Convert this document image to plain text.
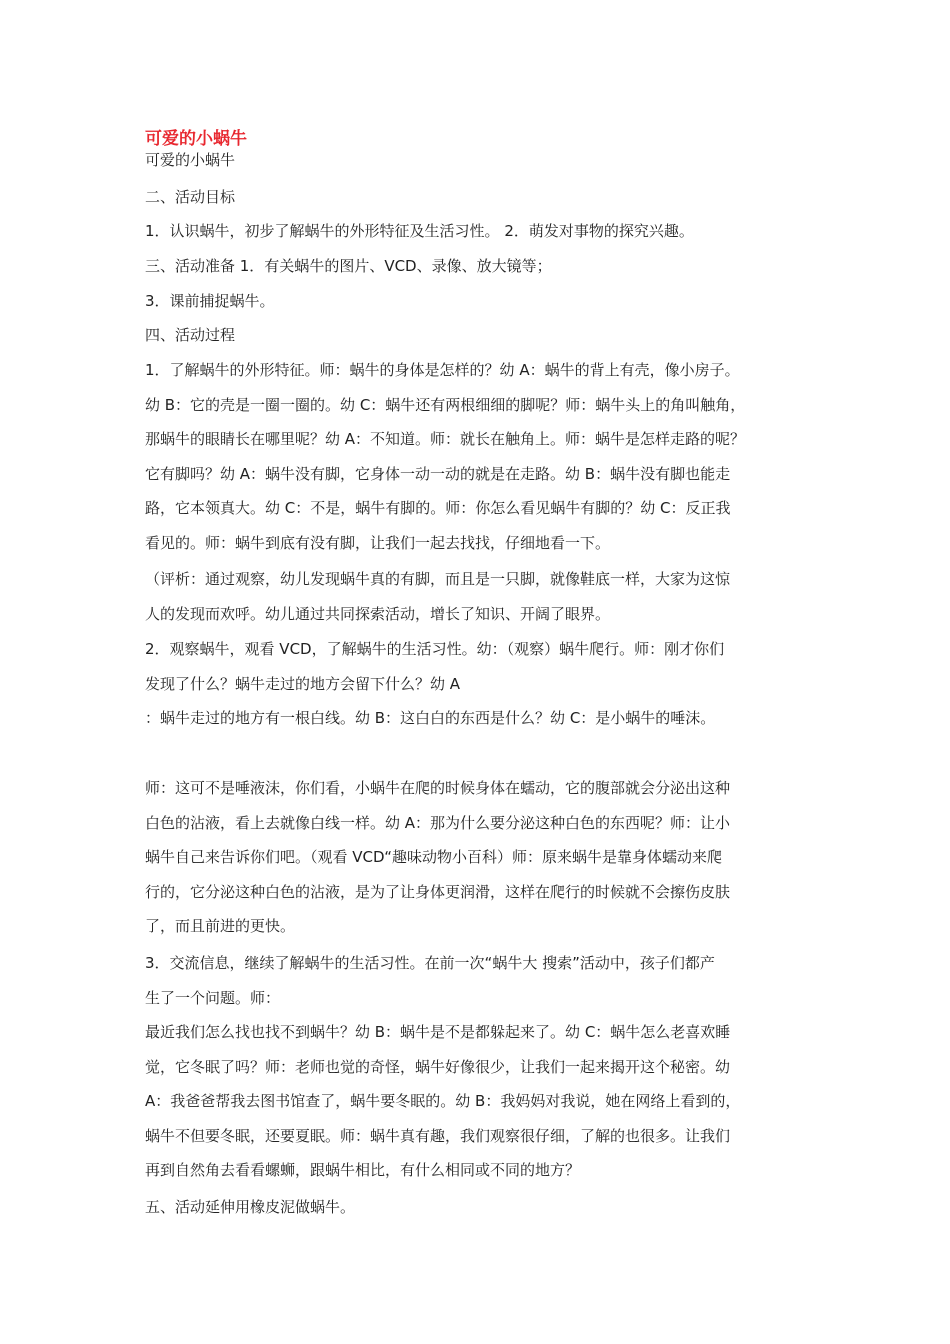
可爱的小蜗牛
可爱的小蜗牛
二、活动目标
1．认识蜗牛，初步了解蜗牛的外形特征及生活习性。 2．萌发对事物的探究兴趣。
三、活动准备 1．有关蜗牛的图片、VCD、录像、放大镜等；
3．课前捕捉蜗牛。
四、活动过程
1．了解蜗牛的外形特征。师：蜗牛的身体是怎样的？幼 A：蜗牛的背上有壳，像小房子。
幼 B：它的壳是一圈一圈的。幼 C：蜗牛还有两根细细的脚呢？师：蜗牛头上的角叫触角，
那蜗牛的眼睛长在哪里呢？幼 A：不知道。师：就长在触角上。师：蜗牛是怎样走路的呢？
它有脚吗？幼 A：蜗牛没有脚，它身体一动一动的就是在走路。幼 B：蜗牛没有脚也能走
路，它本领真大。幼 C：不是，蜗牛有脚的。师：你怎么看见蜗牛有脚的？幼 C：反正我
看见的。师：蜗牛到底有没有脚，让我们一起去找找，仔细地看一下。
（评析：通过观察，幼儿发现蜗牛真的有脚，而且是一只脚，就像鞋底一样，大家为这惊
人的发现而欢呼。幼儿通过共同探索活动，增长了知识、开阔了眼界。
2．观察蜗牛，观看 VCD，了解蜗牛的生活习性。幼：（观察）蜗牛爬行。师：刚才你们
发现了什么？蜗牛走过的地方会留下什么？幼 A
：蜗牛走过的地方有一根白线。幼 B：这白白的东西是什么？幼 C：是小蜗牛的唾沫。
师：这可不是唾液沫，你们看，小蜗牛在爬的时候身体在蠕动，它的腹部就会分泌出这种
白色的沾液，看上去就像白线一样。幼 A：那为什么要分泌这种白色的东西呢？师：让小
蜗牛自己来告诉你们吧。（观看 VCD“趣味动物小百科）师：原来蜗牛是靠身体蠕动来爬
行的，它分泌这种白色的沾液，是为了让身体更润滑，这样在爬行的时候就不会擦伤皮肤
了，而且前进的更快。
3．交流信息，继续了解蜗牛的生活习性。在前一次“蜗牛大 搜索”活动中，孩子们都产
生了一个问题。师：
最近我们怎么找也找不到蜗牛？幼 B：蜗牛是不是都躲起来了。幼 C：蜗牛怎么老喜欢睡
觉，它冬眠了吗？师：老师也觉的奇怪，蜗牛好像很少，让我们一起来揭开这个秘密。幼
A：我爸爸帮我去图书馆查了，蜗牛要冬眠的。幼 B：我妈妈对我说，她在网络上看到的，
蜗牛不但要冬眠，还要夏眠。师：蜗牛真有趣，我们观察很仔细，了解的也很多。让我们
再到自然角去看看螺蛳，跟蜗牛相比，有什么相同或不同的地方？
五、活动延伸用橡皮泥做蜗牛。
